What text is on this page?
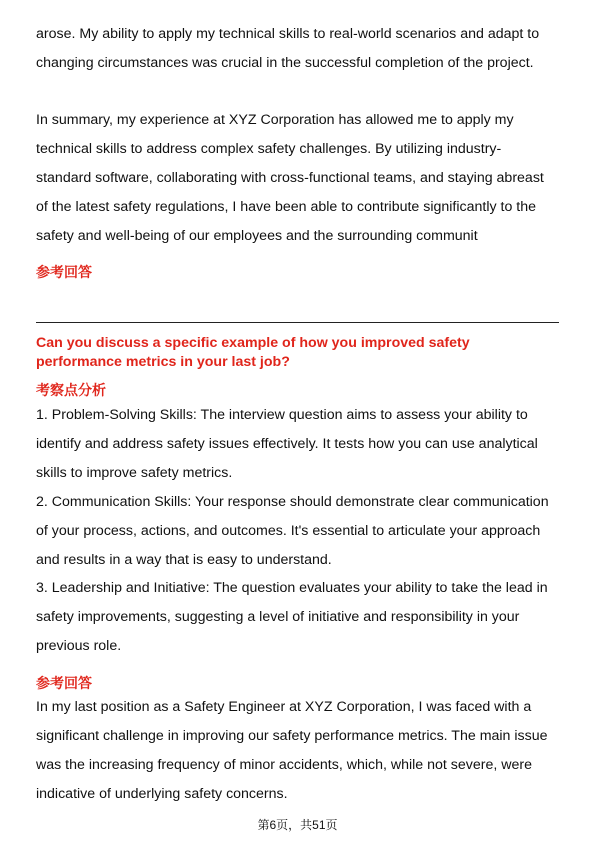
arose. My ability to apply my technical skills to real-world scenarios and adapt to
changing circumstances was crucial in the successful completion of the project.
In summary, my experience at XYZ Corporation has allowed me to apply my
technical skills to address complex safety challenges. By utilizing industry-
standard software, collaborating with cross-functional teams, and staying abreast
of the latest safety regulations, I have been able to contribute significantly to the
safety and well-being of our employees and the surrounding communit
参考回答
Can you discuss a specific example of how you improved safety
performance metrics in your last job?
考察点分析
1. Problem-Solving Skills: The interview question aims to assess your ability to
identify and address safety issues effectively. It tests how you can use analytical
skills to improve safety metrics.
2. Communication Skills: Your response should demonstrate clear communication
of your process, actions, and outcomes. It's essential to articulate your approach
and results in a way that is easy to understand.
3. Leadership and Initiative: The question evaluates your ability to take the lead in
safety improvements, suggesting a level of initiative and responsibility in your
previous role.
参考回答
In my last position as a Safety Engineer at XYZ Corporation, I was faced with a
significant challenge in improving our safety performance metrics. The main issue
was the increasing frequency of minor accidents, which, while not severe, were
indicative of underlying safety concerns.
第6页，共51页
